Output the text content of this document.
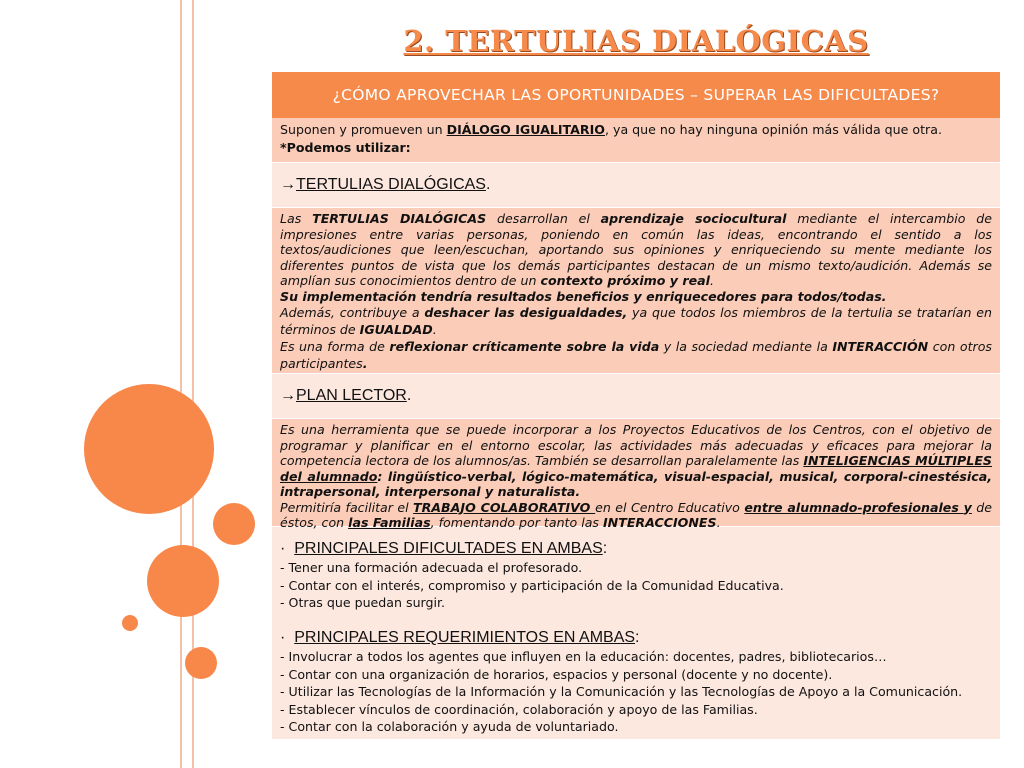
2. TERTULIAS DIALÓGICAS
¿CÓMO APROVECHAR LAS OPORTUNIDADES – SUPERAR LAS DIFICULTADES?

Suponen y promueven un DIÁLOGO IGUALITARIO, ya que no hay ninguna opinión más válida que otra.

*Podemos utilizar:

→ TERTULIAS DIALÓGICAS .

Las TERTULIAS DIALÓGICAS desarrollan el aprendizaje sociocultural mediante el intercambio de impresiones entre varias personas, poniendo en común las ideas, encontrando el sentido a los textos/audiciones que leen/escuchan, aportando sus opiniones y enriqueciendo su mente mediante los diferentes puntos de vista que los demás participantes destacan de un mismo texto/audición. Además se amplían sus conocimientos dentro de un contexto próximo y real.

Su implementación tendría resultados beneficios y enriquecedores para todos/todas.

Además, contribuye a deshacer las desigualdades, ya que todos los miembros de la tertulia se tratarían en términos de IGUALDAD.

Es una forma de reflexionar críticamente sobre la vida y la sociedad mediante la INTERACCIÓN con otros participantes.

→ PLAN LECTOR .

Es una herramienta que se puede incorporar a los Proyectos Educativos de los Centros, con el objetivo de programar y planificar en el entorno escolar, las actividades más adecuadas y eficaces para mejorar la competencia lectora de los alumnos/as. También se desarrollan paralelamente las INTELIGENCIAS MÚLTIPLES del alumnado: lingüístico-verbal, lógico-matemática, visual-espacial, musical, corporal-cinestésica, intrapersonal, interpersonal y naturalista.

Permitiría facilitar el TRABAJO COLABORATIVO en el Centro Educativo entre alumnado-profesionales y de éstos, con las Familias, fomentando por tanto las INTERACCIONES.

· PRINCIPALES DIFICULTADES EN AMBAS:

- Tener una formación adecuada el profesorado.

- Contar con el interés, compromiso y participación de la Comunidad Educativa.

- Otras que puedan surgir.

· PRINCIPALES REQUERIMIENTOS EN AMBAS:

- Involucrar a todos los agentes que influyen en la educación: docentes, padres, bibliotecarios…

- Contar con una organización de horarios, espacios y personal (docente y no docente).

- Utilizar las Tecnologías de la Información y la Comunicación y las Tecnologías de Apoyo a la Comunicación.

- Establecer vínculos de coordinación, colaboración y apoyo de las Familias.

- Contar con la colaboración y ayuda de voluntariado.
